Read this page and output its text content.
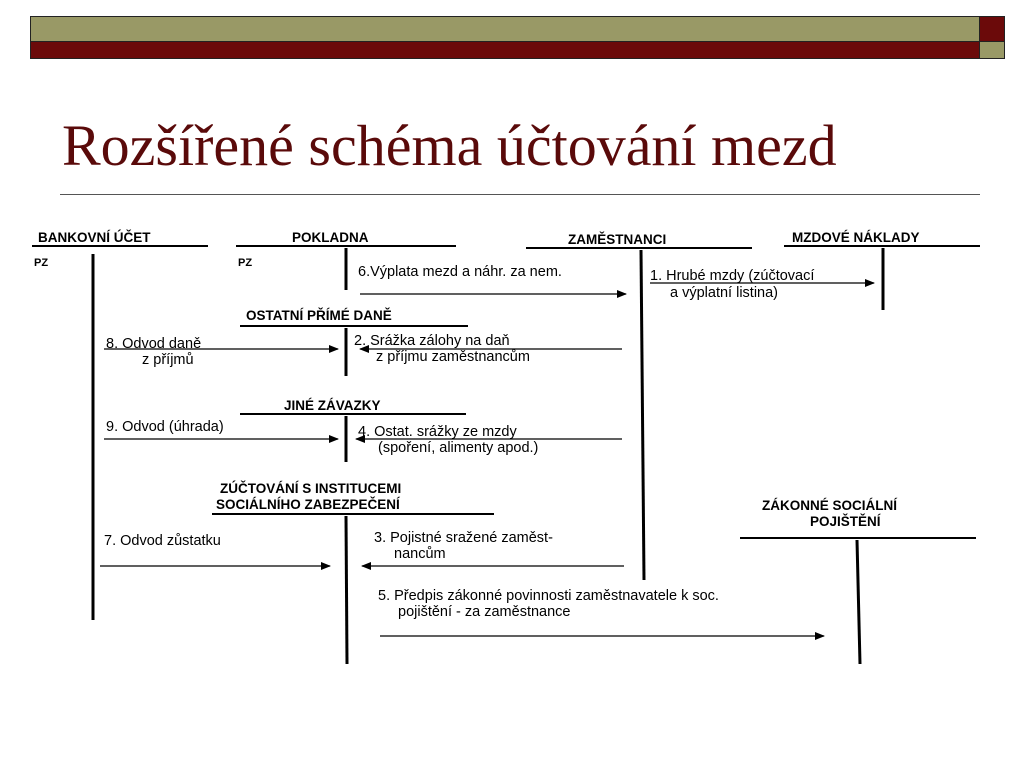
Rozšířené schéma účtování mezd
BANKOVNÍ ÚČET	POKLADNA	ZAMĚSTNANCI	MZDOVÉ NÁKLADY
OSTATNÍ PŘÍMÉ DANĚ
JINÉ ZÁVAZKY
ZÚČTOVÁNÍ S INSTITUCEMI
SOCIÁLNÍHO ZABEZPEČENÍ	ZÁKONNÉ SOCIÁLNÍ
POJIŠTĚNÍ
PZ	PZ
6.Výplata mezd a náhr. za nem.	1. Hrubé mzdy (zúčtovací
a výplatní listina)
8. Odvod daně
z příjmů
2. Srážka zálohy na daň
z příjmu zaměstnancům
9. Odvod (úhrada)	4. Ostat. srážky ze mzdy
(spoření, alimenty apod.)
7. Odvod zůstatku	3. Pojistné sražené zaměst-
nancům
5. Předpis zákonné povinnosti zaměstnavatele k soc.
pojištění - za zaměstnance
